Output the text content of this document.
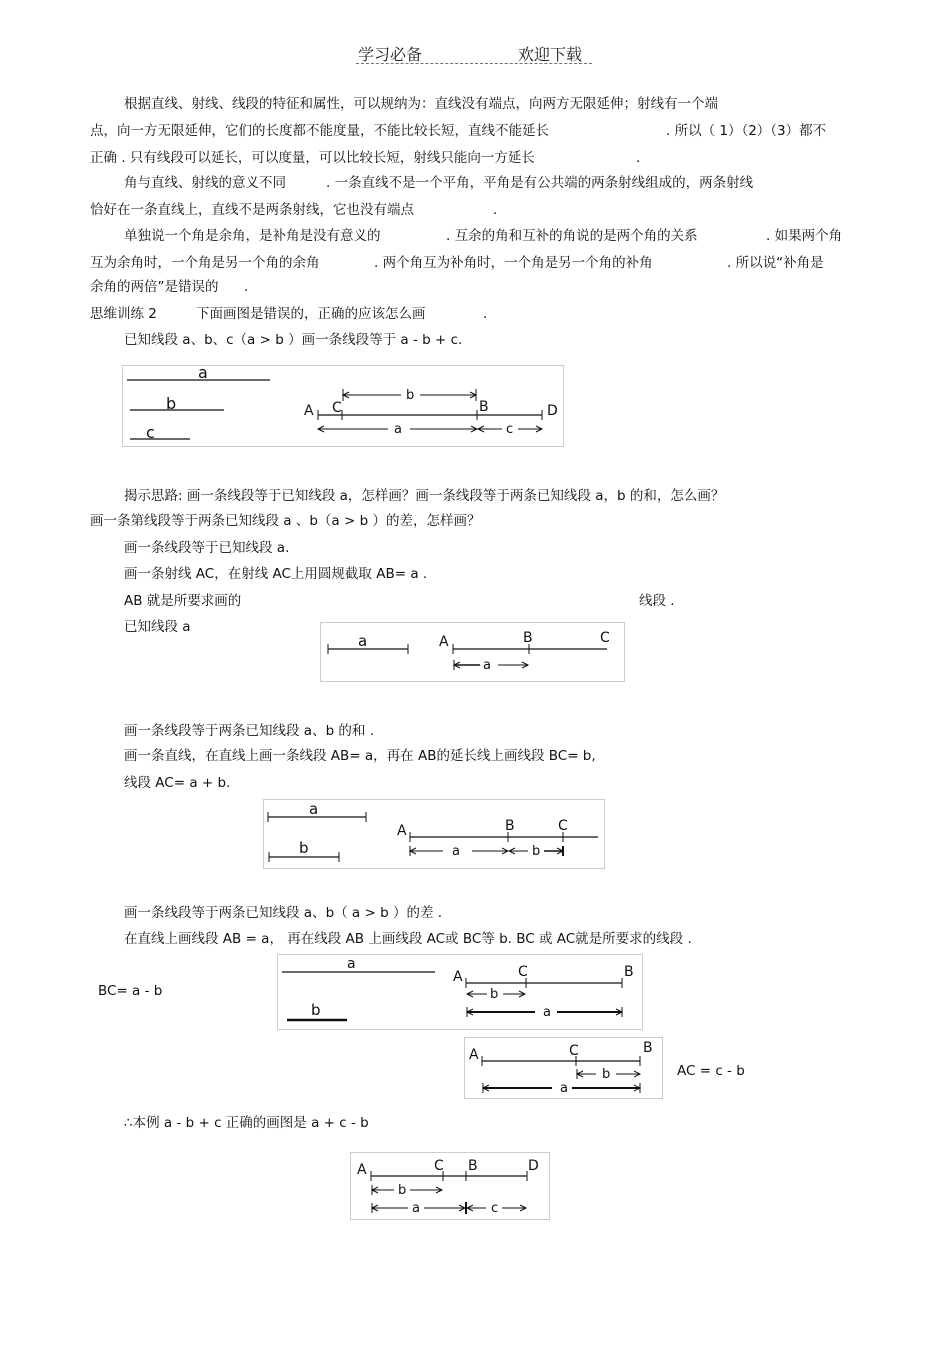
学习必备	欢迎下载
根据直线、射线、线段的特征和属性，可以规纳为：直线没有端点，向两方无限延伸；射线有一个端
点，向一方无限延伸，它们的长度都不能度量，不能比较长短，直线不能延长	. 所以（ 1）（2）（3）都不
正确 . 只有线段可以延长，可以度量，可以比较长短，射线只能向一方延长	.
角与直线、射线的意义不同	. 一条直线不是一个平角，平角是有公共端的两条射线组成的，两条射线
恰好在一条直线上，直线不是两条射线，它也没有端点	.
单独说一个角是余角，是补角是没有意义的	. 互余的角和互补的角说的是两个角的关系	. 如果两个角
互为余角时，一个角是另一个角的余角	. 两个角互为补角时，一个角是另一个角的补角	. 所以说“补角是
余角的两倍”是错误的 .
思维训练 2	下面画图是错误的，正确的应该怎么画	.
已知线段 a、b、c（a > b ）画一条线段等于 a - b + c.
a
b
c
A C	B	D
b
a	c
揭示思路: 画一条线段等于已知线段 a，怎样画？画一条线段等于两条已知线段 a，b 的和，怎么画？
画一条第线段等于两条已知线段 a 、b（a > b ）的差，怎样画？
画一条线段等于已知线段 a.
画一条射线 AC，在射线 AC上用圆规截取 AB= a .
AB 就是所要求画的	线段 .
已知线段 a
a	A	B	C
a
画一条线段等于两条已知线段 a、b 的和 .
画一条直线，在直线上画一条线段 AB= a，再在 AB的延长线上画线段 BC= b,
线段 AC= a + b.
a
b
A	B	C
a	b
画一条线段等于两条已知线段 a、b（ a > b ）的差 .
在直线上画线段 AB = a， 再在线段 AB 上画线段 AC或 BC等 b. BC 或 AC就是所要求的线段 .
BC= a - b
a
b
A	C	B
b
a
A	C	B
b
a
AC = c - b
∴本例 a - b + c 正确的画图是 a + c - b
A	C B	D
b
a	c
